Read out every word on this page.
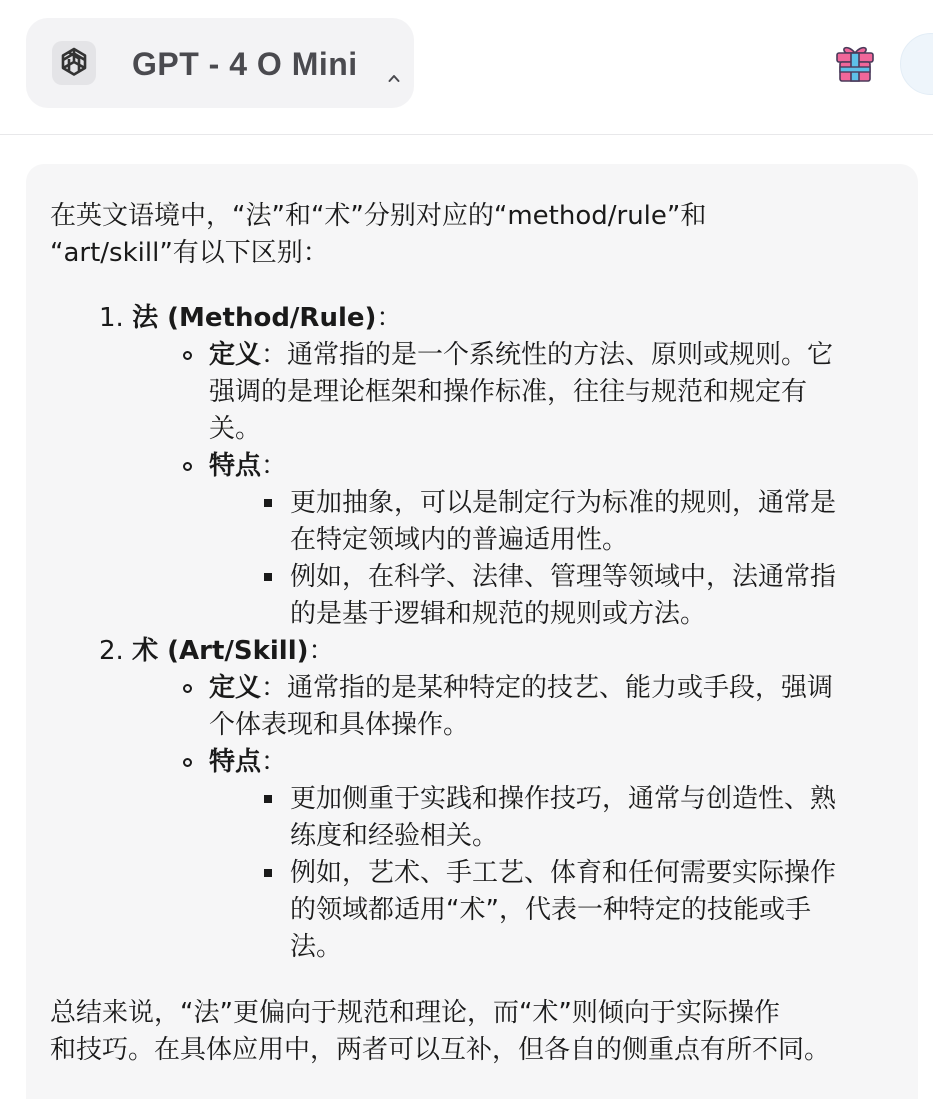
GPT - 4 O Mini
在英文语境中，“法”和“术”分别对应的“method/rule”和
“art/skill”有以下区别：
1. 法 (Method/Rule)：
定义：通常指的是一个系统性的方法、原则或规则。它
强调的是理论框架和操作标准，往往与规范和规定有
关。
特点：
更加抽象，可以是制定行为标准的规则，通常是
在特定领域内的普遍适用性。
例如，在科学、法律、管理等领域中，法通常指
的是基于逻辑和规范的规则或方法。
2. 术 (Art/Skill)：
定义：通常指的是某种特定的技艺、能力或手段，强调
个体表现和具体操作。
特点：
更加侧重于实践和操作技巧，通常与创造性、熟
练度和经验相关。
例如，艺术、手工艺、体育和任何需要实际操作
的领域都适用“术”，代表一种特定的技能或手
法。
总结来说，“法”更偏向于规范和理论，而“术”则倾向于实际操作
和技巧。在具体应用中，两者可以互补，但各自的侧重点有所不同。
